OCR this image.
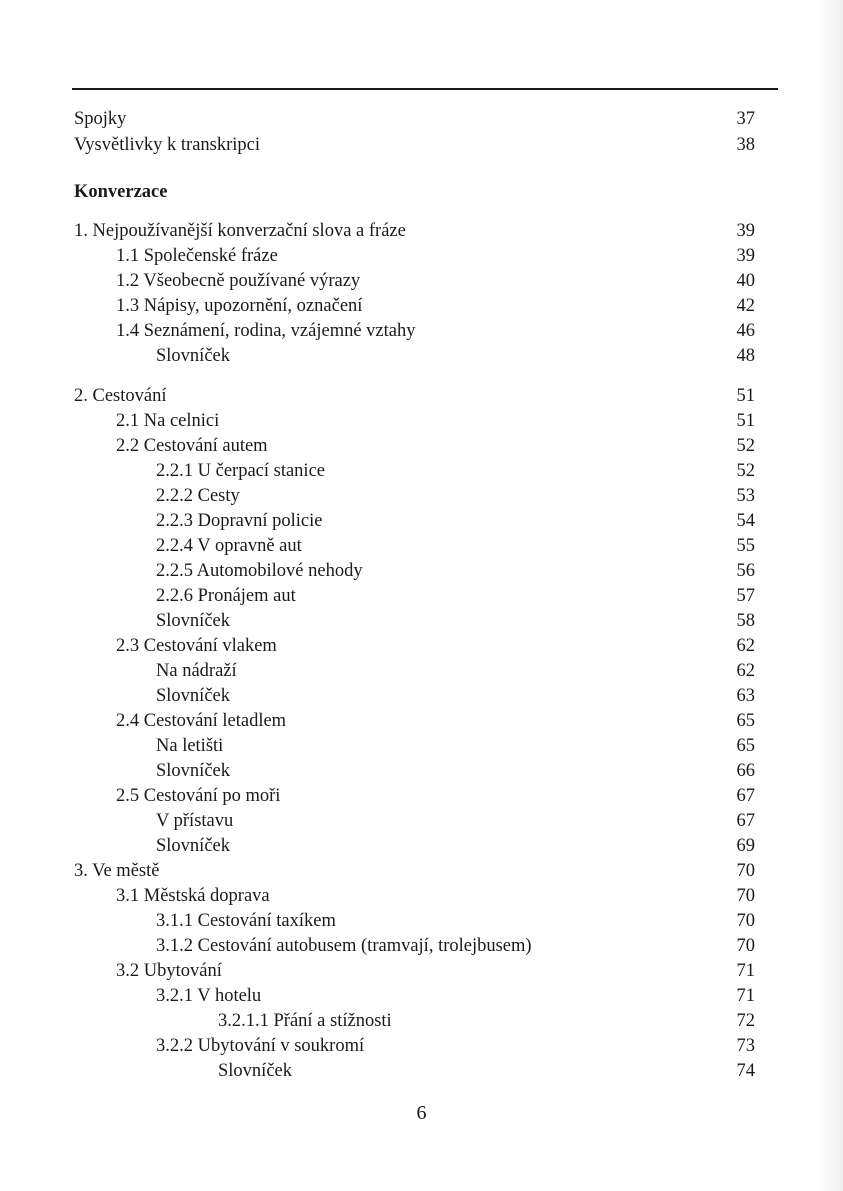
Konverzace
Spojky	37
Vysvětlivky k transkripci	38
1. Nejpoužívanější konverzační slova a fráze	39
1.1 Společenské fráze	39
1.2 Všeobecně používané výrazy	40
1.3 Nápisy, upozornění, označení	42
1.4 Seznámení, rodina, vzájemné vztahy	46
Slovníček	48
2. Cestování	51
2.1 Na celnici	51
2.2 Cestování autem	52
2.2.1 U čerpací stanice	52
2.2.2 Cesty	53
2.2.3 Dopravní policie	54
2.2.4 V opravně aut	55
2.2.5 Automobilové nehody	56
2.2.6 Pronájem aut	57
Slovníček	58
2.3 Cestování vlakem	62
Na nádraží	62
Slovníček	63
2.4 Cestování letadlem	65
Na letišti	65
Slovníček	66
2.5 Cestování po moři	67
V přístavu	67
Slovníček	69
3. Ve městě	70
3.1 Městská doprava	70
3.1.1 Cestování taxíkem	70
3.1.2 Cestování autobusem (tramvají, trolejbusem)	70
3.2 Ubytování	71
3.2.1 V hotelu	71
3.2.1.1 Přání a stížnosti	72
3.2.2 Ubytování v soukromí	73
Slovníček	74
6
